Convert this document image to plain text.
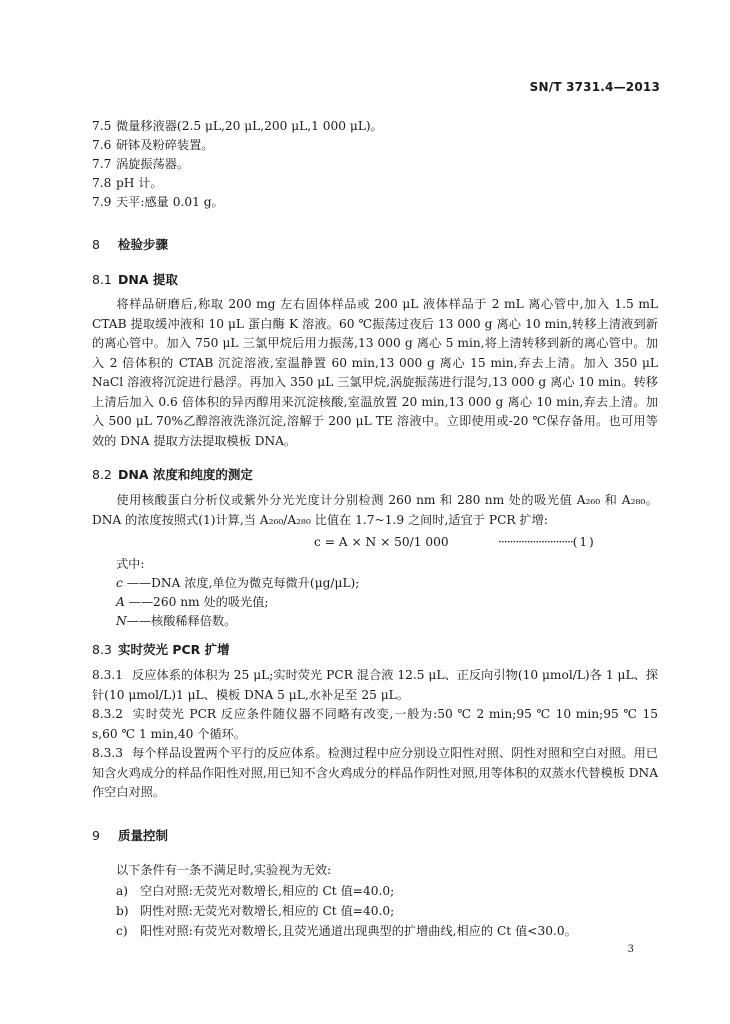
SN/T 3731.4—2013
7.5 微量移液器(2.5 μL,20 μL,200 μL,1 000 μL)。
7.6 研钵及粉碎装置。
7.7 涡旋振荡器。
7.8 pH 计。
7.9 天平:感量 0.01 g。
8 检验步骤
8.1 DNA 提取

将样品研磨后,称取 200 mg 左右固体样品或 200 μL 液体样品于 2 mL 离心管中,加入 1.5 mL CTAB 提取缓冲液和 10 μL 蛋白酶 K 溶液。60 ℃振荡过夜后 13 000 g 离心 10 min,转移上清液到新的离心管中。加入 750 μL 三氯甲烷后用力振荡,13 000 g 离心 5 min,将上清转移到新的离心管中。加入 2 倍体积的 CTAB 沉淀溶液,室温静置 60 min,13 000 g 离心 15 min,弃去上清。加入 350 μL NaCl 溶液将沉淀进行悬浮。再加入 350 μL 三氯甲烷,涡旋振荡进行混匀,13 000 g 离心 10 min。转移上清后加入 0.6 倍体积的异丙醇用来沉淀核酸,室温放置 20 min,13 000 g 离心 10 min,弃去上清。加入 500 μL 70%乙醇溶液洗涤沉淀,溶解于 200 μL TE 溶液中。立即使用或-20 ℃保存备用。也可用等效的 DNA 提取方法提取模板 DNA。

8.2 DNA 浓度和纯度的测定

使用核酸蛋白分析仪或紫外分光光度计分别检测 260 nm 和 280 nm 处的吸光值 A₂₆₀ 和 A₂₈₀。DNA 的浓度按照式(1)计算,当 A₂₆₀/A₂₈₀ 比值在 1.7~1.9 之间时,适宜于 PCR 扩增:

c = A × N × 50/1 000	··························( 1 )
式中:
c ——DNA 浓度,单位为微克每微升(μg/μL);
A ——260 nm 处的吸光值;
N——核酸稀释倍数。
8.3 实时荧光 PCR 扩增

8.3.1 反应体系的体积为 25 μL;实时荧光 PCR 混合液 12.5 μL、正反向引物(10 μmol/L)各 1 μL、探针(10 μmol/L)1 μL、模板 DNA 5 μL,水补足至 25 μL。

8.3.2 实时荧光 PCR 反应条件随仪器不同略有改变,一般为:50 ℃ 2 min;95 ℃ 10 min;95 ℃ 15 s,60 ℃ 1 min,40 个循环。

8.3.3 每个样品设置两个平行的反应体系。检测过程中应分别设立阳性对照、阴性对照和空白对照。用已知含火鸡成分的样品作阳性对照,用已知不含火鸡成分的样品作阴性对照,用等体积的双蒸水代替模板 DNA 作空白对照。

9 质量控制
以下条件有一条不满足时,实验视为无效:
a) 空白对照:无荧光对数增长,相应的 Ct 值=40.0;
b) 阴性对照:无荧光对数增长,相应的 Ct 值=40.0;
c) 阳性对照:有荧光对数增长,且荧光通道出现典型的扩增曲线,相应的 Ct 值<30.0。
3
